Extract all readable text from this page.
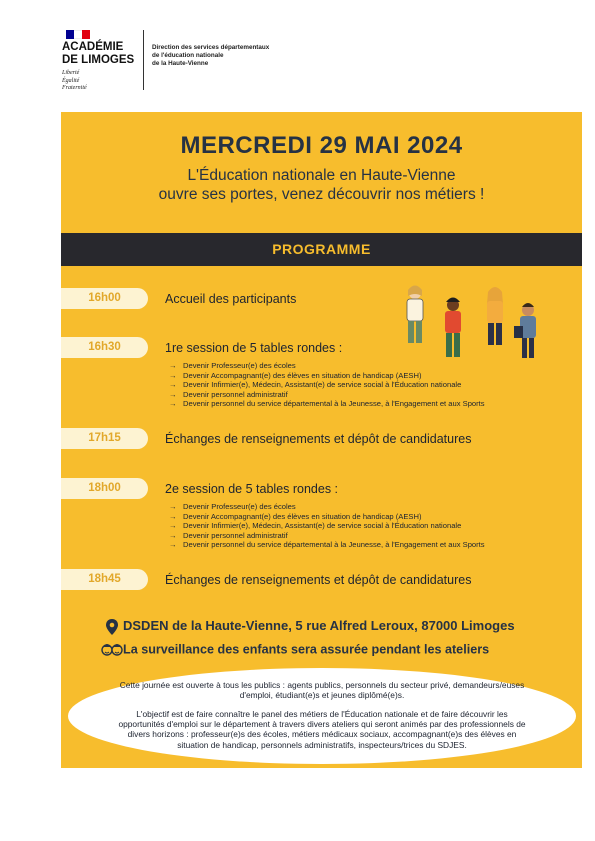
ACADÉMIE
DE LIMOGES
Liberté
Égalité
Fraternité
Direction des services départementaux
de l'éducation nationale
de la Haute-Vienne
MERCREDI 29 MAI 2024
L'Éducation nationale en Haute-Vienne
ouvre ses portes, venez découvrir nos métiers !
PROGRAMME
16h00	Accueil des participants
16h30	1re session de 5 tables rondes :
→ Devenir Professeur(e) des écoles
→ Devenir Accompagnant(e) des élèves en situation de handicap (AESH)
→ Devenir Infirmier(e), Médecin, Assistant(e) de service social à l'Éducation nationale
→ Devenir personnel administratif
→ Devenir personnel du service départemental à la Jeunesse, à l'Engagement et aux Sports
17h15	Échanges de renseignements et dépôt de candidatures
18h00	2e session de 5 tables rondes :
→ Devenir Professeur(e) des écoles
→ Devenir Accompagnant(e) des élèves en situation de handicap (AESH)
→ Devenir Infirmier(e), Médecin, Assistant(e) de service social à l'Éducation nationale
→ Devenir personnel administratif
→ Devenir personnel du service départemental à la Jeunesse, à l'Engagement et aux Sports
18h45	Échanges de renseignements et dépôt de candidatures
DSDEN de la Haute-Vienne, 5 rue Alfred Leroux, 87000 Limoges
La surveillance des enfants sera assurée pendant les ateliers
Cette journée est ouverte à tous les publics : agents publics, personnels du secteur privé, demandeurs/euses d'emploi, étudiant(e)s et jeunes diplômé(e)s.
L'objectif est de faire connaître le panel des métiers de l'Éducation nationale et de faire découvrir les opportunités d'emploi sur le département à travers divers ateliers qui seront animés par des professionnels de divers horizons : professeur(e)s des écoles, métiers médicaux sociaux, accompagnant(e)s des élèves en situation de handicap, personnels administratifs, inspecteurs/trices du SDJES.
